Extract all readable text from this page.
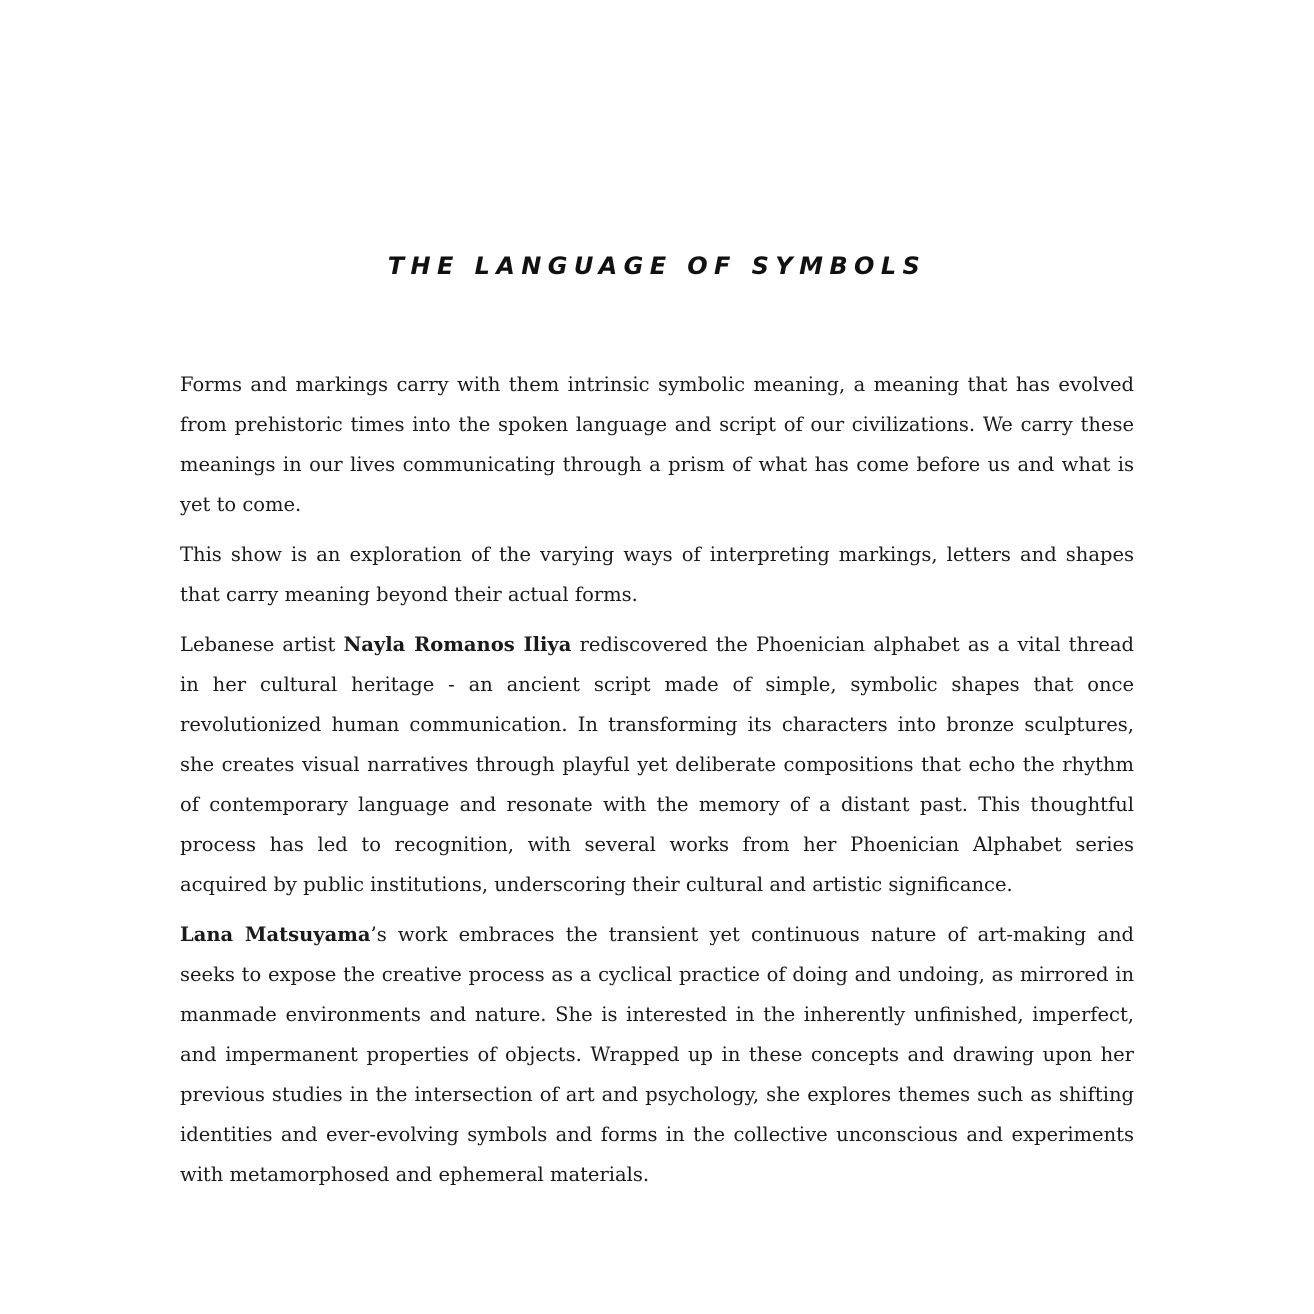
THE LANGUAGE OF SYMBOLS

Forms and markings carry with them intrinsic symbolic meaning, a meaning that has evolved from prehistoric times into the spoken language and script of our civilizations. We carry these meanings in our lives communicating through a prism of what has come before us and what is yet to come.

This show is an exploration of the varying ways of interpreting markings, letters and shapes that carry meaning beyond their actual forms.

Lebanese artist Nayla Romanos Iliya rediscovered the Phoenician alphabet as a vital thread in her cultural heritage - an ancient script made of simple, symbolic shapes that once revolutionized human communication. In transforming its characters into bronze sculptures, she creates visual narratives through playful yet deliberate compositions that echo the rhythm of contemporary language and resonate with the memory of a distant past. This thoughtful process has led to recognition, with several works from her Phoenician Alphabet series acquired by public institutions, underscoring their cultural and artistic significance.

Lana Matsuyama’s work embraces the transient yet continuous nature of art-making and seeks to expose the creative process as a cyclical practice of doing and undoing, as mirrored in manmade environments and nature. She is interested in the inherently unfinished, imperfect, and impermanent properties of objects. Wrapped up in these concepts and drawing upon her previous studies in the intersection of art and psychology, she explores themes such as shifting identities and ever-evolving symbols and forms in the collective unconscious and experiments with metamorphosed and ephemeral materials.
